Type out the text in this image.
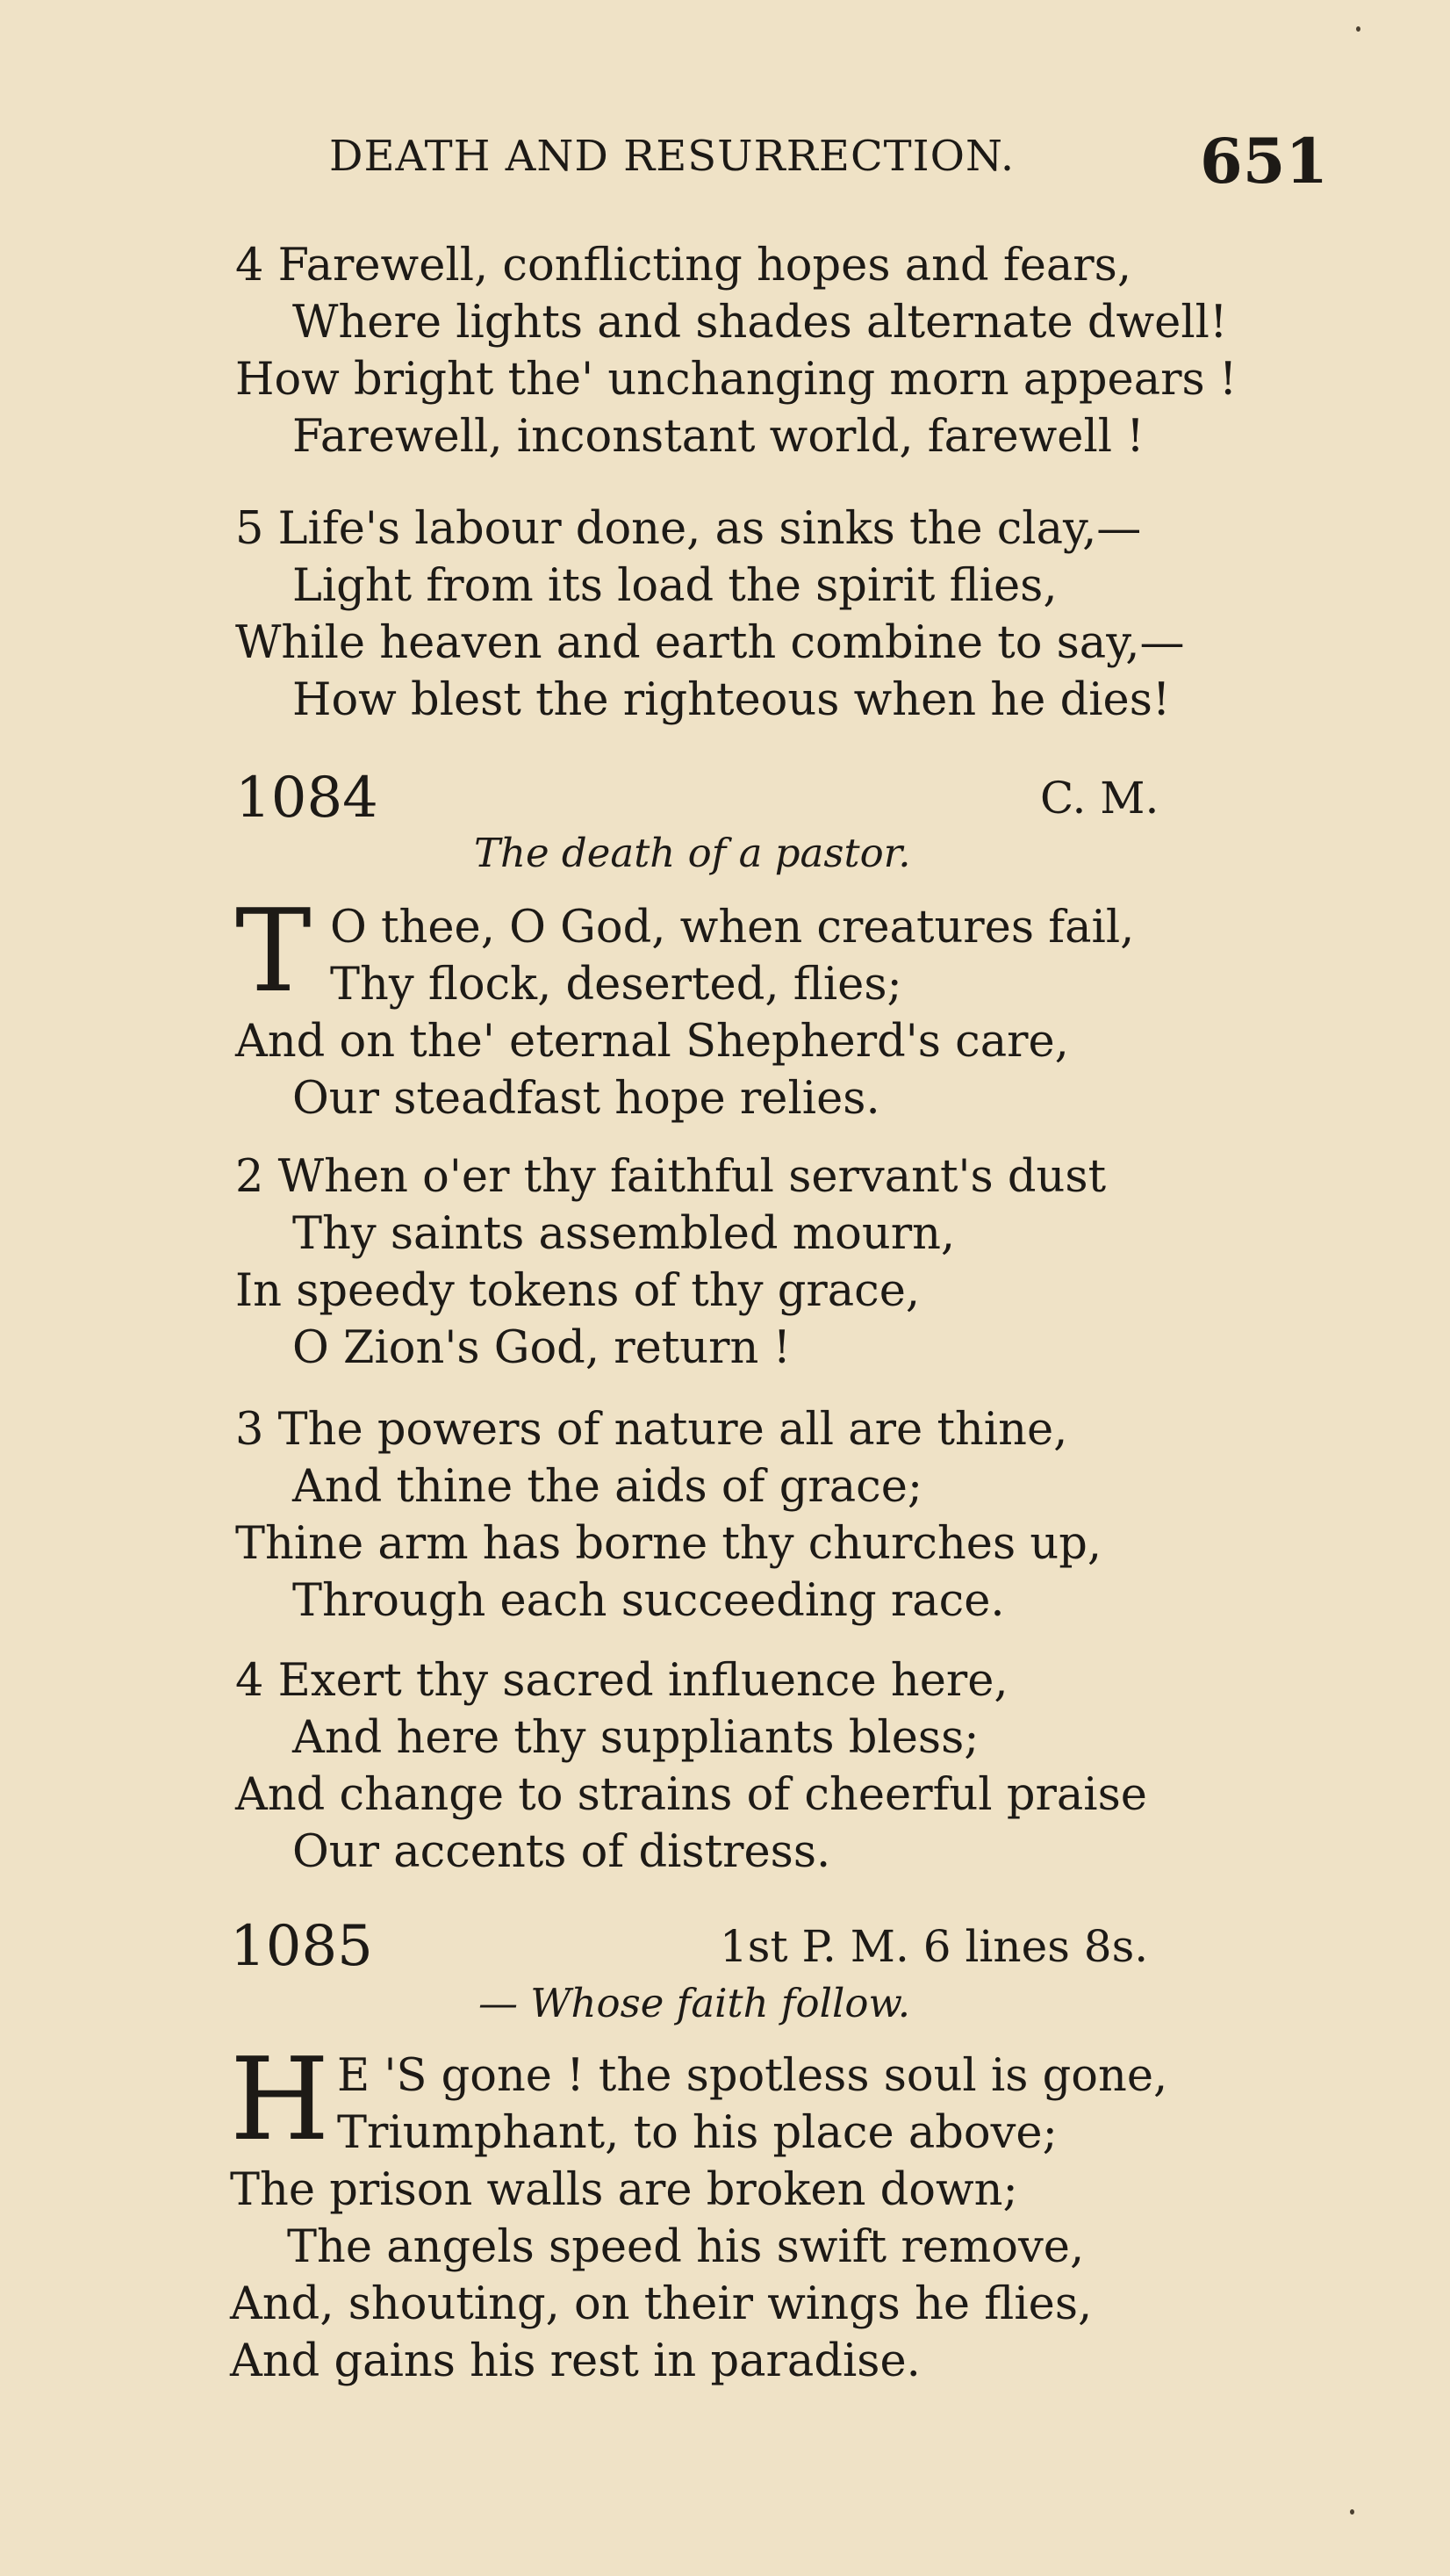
DEATH AND RESURRECTION.	651
4 Farewell, conflicting hopes and fears,
Where lights and shades alternate dwell!
How bright the' unchanging morn appears !
Farewell, inconstant world, farewell !
5 Life's labour done, as sinks the clay,—
Light from its load the spirit flies,
While heaven and earth combine to say,—
How blest the righteous when he dies!
1084	C. M.
The death of a pastor.
T O thee, O God, when creatures fail,
Thy flock, deserted, flies;
And on the' eternal Shepherd's care,
Our steadfast hope relies.
2 When o'er thy faithful servant's dust
Thy saints assembled mourn,
In speedy tokens of thy grace,
O Zion's God, return !
3 The powers of nature all are thine,
And thine the aids of grace;
Thine arm has borne thy churches up,
Through each succeeding race.
4 Exert thy sacred influence here,
And here thy suppliants bless;
And change to strains of cheerful praise
Our accents of distress.
1085	1st P. M. 6 lines 8s.
— Whose faith follow.
H E 'S gone ! the spotless soul is gone,
Triumphant, to his place above;
The prison walls are broken down;
The angels speed his swift remove,
And, shouting, on their wings he flies,
And gains his rest in paradise.
